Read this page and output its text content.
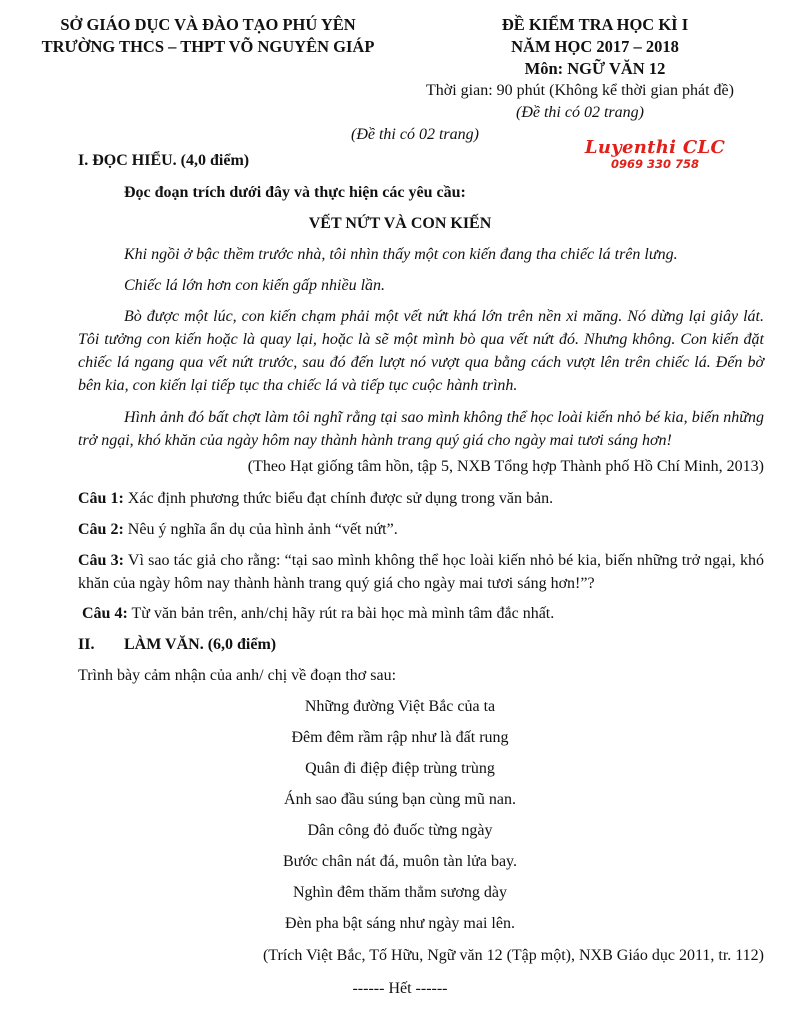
SỞ GIÁO DỤC VÀ ĐÀO TẠO PHÚ YÊN
TRƯỜNG THCS – THPT VÕ NGUYÊN GIÁP
ĐỀ KIỂM TRA HỌC KÌ I
NĂM HỌC 2017 – 2018
Môn: NGỮ VĂN 12
Thời gian: 90 phút (Không kể thời gian phát đề)
(Đề thi có 02 trang)
(Đề thi có 02 trang)
Luyenthi CLC
0969 330 758
I. ĐỌC HIỂU. (4,0 điểm)
Đọc đoạn trích dưới đây và thực hiện các yêu cầu:
VẾT NỨT VÀ CON KIẾN
Khi ngồi ở bậc thềm trước nhà, tôi nhìn thấy một con kiến đang tha chiếc lá trên lưng.
Chiếc lá lớn hơn con kiến gấp nhiều lần.
Bò được một lúc, con kiến chạm phải một vết nứt khá lớn trên nền xi măng. Nó dừng lại giây lát. Tôi tưởng con kiến hoặc là quay lại, hoặc là sẽ một mình bò qua vết nứt đó. Nhưng không. Con kiến đặt chiếc lá ngang qua vết nứt trước, sau đó đến lượt nó vượt qua bằng cách vượt lên trên chiếc lá. Đến bờ bên kia, con kiến lại tiếp tục tha chiếc lá và tiếp tục cuộc hành trình.
Hình ảnh đó bất chợt làm tôi nghĩ rằng tại sao mình không thể học loài kiến nhỏ bé kia, biến những trở ngại, khó khăn của ngày hôm nay thành hành trang quý giá cho ngày mai tươi sáng hơn!
(Theo Hạt giống tâm hồn, tập 5, NXB Tổng hợp Thành phố Hồ Chí Minh, 2013)
Câu 1: Xác định phương thức biểu đạt chính được sử dụng trong văn bản.
Câu 2: Nêu ý nghĩa ẩn dụ của hình ảnh “vết nứt”.
Câu 3: Vì sao tác giả cho rằng: “tại sao mình không thể học loài kiến nhỏ bé kia, biến những trở ngại, khó khăn của ngày hôm nay thành hành trang quý giá cho ngày mai tươi sáng hơn!”?
Câu 4: Từ văn bản trên, anh/chị hãy rút ra bài học mà mình tâm đắc nhất.
II. LÀM VĂN. (6,0 điểm)
Trình bày cảm nhận của anh/ chị về đoạn thơ sau:
Những đường Việt Bắc của ta
Đêm đêm rầm rập như là đất rung
Quân đi điệp điệp trùng trùng
Ánh sao đầu súng bạn cùng mũ nan.
Dân công đỏ đuốc từng ngày
Bước chân nát đá, muôn tàn lửa bay.
Nghìn đêm thăm thẳm sương dày
Đèn pha bật sáng như ngày mai lên.
(Trích Việt Bắc, Tố Hữu, Ngữ văn 12 (Tập một), NXB Giáo dục 2011, tr. 112)
------ Hết ------
